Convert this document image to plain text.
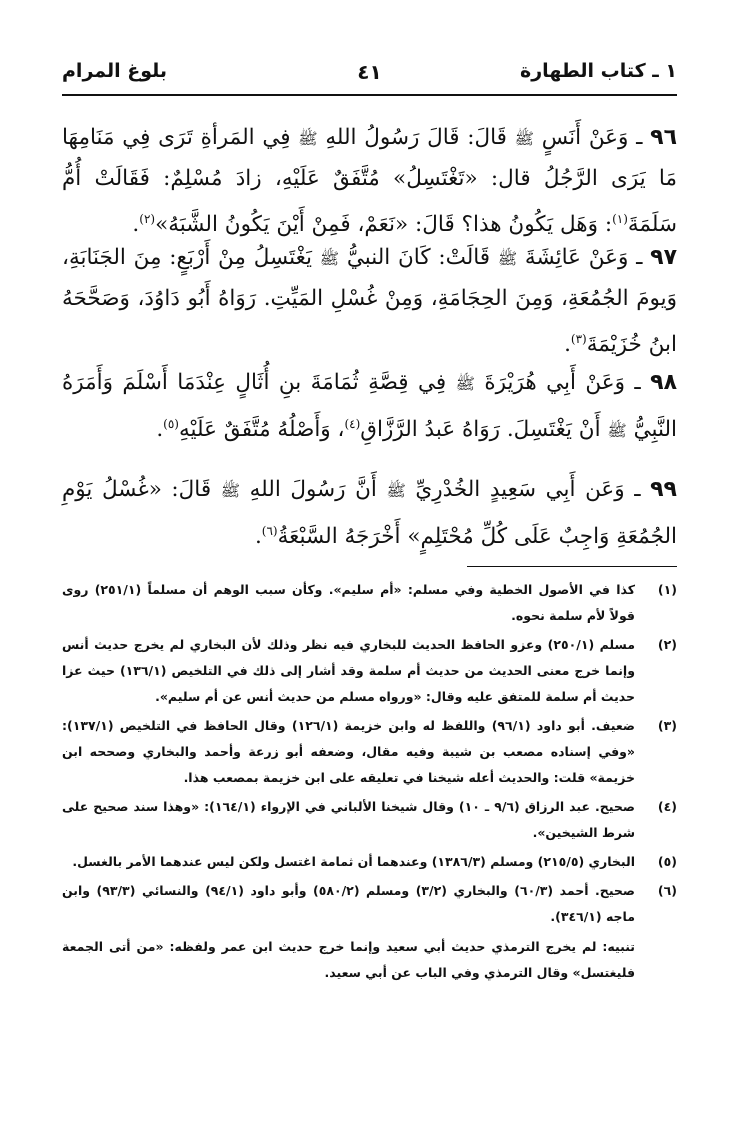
١ ـ كتاب الطهارة
٤١
بلوغ المرام
٩٦ ـ وَعَنْ أَنَسٍ ﷺ قَالَ: قَالَ رَسُولُ اللهِ ﷺ فِي المَرأةِ تَرَى فِي مَنَامِهَا مَا يَرَى الرَّجُلُ قال: «تَغْتَسِلُ» مُتَّفَقٌ عَلَيْهِ، زادَ مُسْلِمٌ: فَقَالَتْ أُمُّ سَلَمَةَ$^{(١)}$: وَهَل يَكُونُ هذا؟ قَالَ: «نَعَمْ، فَمِنْ أَيْنَ يَكُونُ الشَّبَهُ»$^{(٢)}$.
٩٧ ـ وَعَنْ عَائِشَةَ ﷺ قَالَتْ: كَانَ النبيُّ ﷺ يَغْتَسِلُ مِنْ أَرْبَعٍ: مِنَ الجَنَابَةِ، وَيومَ الجُمُعَةِ، وَمِنَ الحِجَامَةِ، وَمِنْ غُسْلِ المَيِّتِ. رَوَاهُ أَبُو دَاوُدَ، وَصَحَّحَهُ ابنُ خُزَيْمَةَ$^{(٣)}$.
٩٨ ـ وَعَنْ أَبِي هُرَيْرَةَ ﷺ فِي قِصَّةِ ثُمَامَةَ بنِ أُثَالٍ عِنْدَمَا أَسْلَمَ وَأَمَرَهُ النَّبِيُّ ﷺ أَنْ يَغْتَسِلَ. رَوَاهُ عَبدُ الرَّزَّاقِ$^{(٤)}$، وَأَصْلُهُ مُتَّفَقٌ عَلَيْهِ$^{(٥)}$.
٩٩ ـ وَعَن أَبِي سَعِيدٍ الخُدْرِيِّ ﷺ أَنَّ رَسُولَ اللهِ ﷺ قَالَ: «غُسْلُ يَوْمِ الجُمُعَةِ وَاجِبٌ عَلَى كُلِّ مُحْتَلِمٍ» أَخْرَجَهُ السَّبْعَةُ$^{(٦)}$.
(١)
كذا في الأصول الخطية وفي مسلم: «أم سليم». وكأن سبب الوهم أن مسلماً (٢٥١/١) روى قولاً لأم سلمة نحوه.
(٢)
مسلم (٢٥٠/١) وعزو الحافظ الحديث للبخاري فيه نظر وذلك لأن البخاري لم يخرج حديث أنس وإنما خرج معنى الحديث من حديث أم سلمة وقد أشار إلى ذلك في التلخيص (١٣٦/١) حيث عزا حديث أم سلمة للمتفق عليه وقال: «ورواه مسلم من حديث أنس عن أم سليم».
(٣)
ضعيف. أبو داود (٩٦/١) واللفظ له وابن خزيمة (١٢٦/١) وقال الحافظ في التلخيص (١٣٧/١): «وفي إسناده مصعب بن شيبة وفيه مقال، وضعفه أبو زرعة وأحمد والبخاري وصححه ابن خزيمة» قلت: والحديث أعله شيخنا في تعليقه على ابن خزيمة بمصعب هذا.
(٤)
صحيح. عبد الرزاق (٩/٦ ـ ١٠) وقال شيخنا الألباني في الإرواء (١٦٤/١): «وهذا سند صحيح على شرط الشيخين».
(٥)
البخاري (٢١٥/٥) ومسلم (١٣٨٦/٣) وعندهما أن ثمامة اغتسل ولكن ليس عندهما الأمر بالغسل.
(٦)
صحيح. أحمد (٦٠/٣) والبخاري (٣/٢) ومسلم (٥٨٠/٢) وأبو داود (٩٤/١) والنسائي (٩٣/٣) وابن ماجه (٣٤٦/١).
تنبيه: لم يخرج الترمذي حديث أبي سعيد وإنما خرج حديث ابن عمر ولفظه: «من أتى الجمعة فليغتسل» وقال الترمذي وفي الباب عن أبي سعيد.
